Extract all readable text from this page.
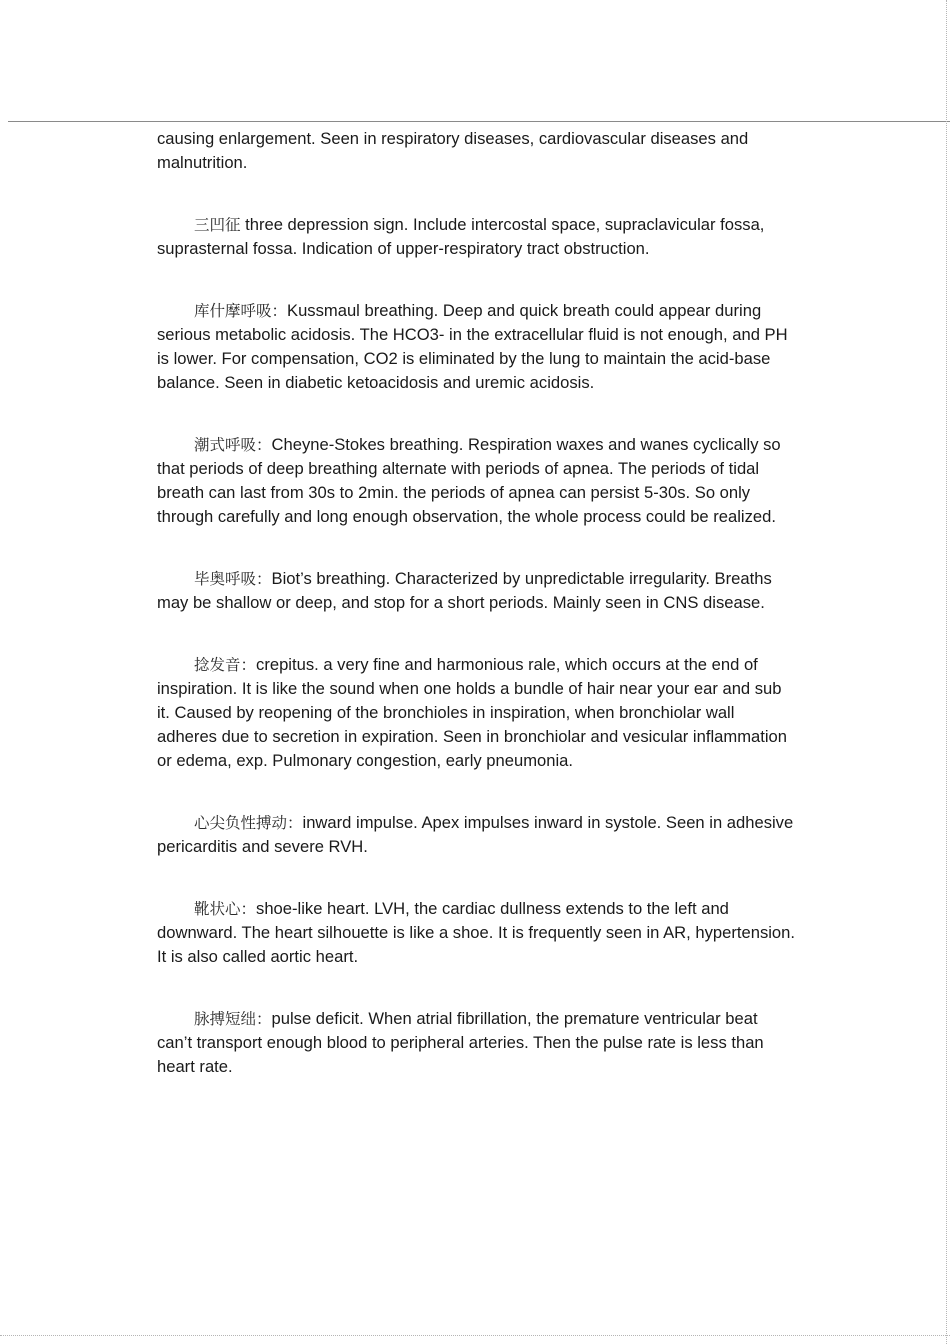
causing enlargement. Seen in respiratory diseases, cardiovascular diseases and malnutrition.

三凹征 three depression sign. Include intercostal space, supraclavicular fossa, suprasternal fossa. Indication of upper-respiratory tract obstruction.

库什摩呼吸：Kussmaul breathing. Deep and quick breath could appear during serious metabolic acidosis. The HCO3- in the extracellular fluid is not enough, and PH is lower. For compensation, CO2 is eliminated by the lung to maintain the acid-base balance. Seen in diabetic ketoacidosis and uremic acidosis.

潮式呼吸：Cheyne-Stokes breathing. Respiration waxes and wanes cyclically so that periods of deep breathing alternate with periods of apnea. The periods of tidal breath can last from 30s to 2min. the periods of apnea can persist 5-30s. So only through carefully and long enough observation, the whole process could be realized.

毕奥呼吸：Biot’s breathing. Characterized by unpredictable irregularity. Breaths may be shallow or deep, and stop for a short periods. Mainly seen in CNS disease.

捻发音：crepitus. a very fine and harmonious rale, which occurs at the end of inspiration. It is like the sound when one holds a bundle of hair near your ear and sub it. Caused by reopening of the bronchioles in inspiration, when bronchiolar wall adheres due to secretion in expiration. Seen in bronchiolar and vesicular inflammation or edema, exp. Pulmonary congestion, early pneumonia.

心尖负性搏动：inward impulse. Apex impulses inward in systole. Seen in adhesive pericarditis and severe RVH.

靴状心：shoe-like heart. LVH, the cardiac dullness extends to the left and downward. The heart silhouette is like a shoe. It is frequently seen in AR, hypertension. It is also called aortic heart.

脉搏短绌：pulse deficit. When atrial fibrillation, the premature ventricular beat can’t transport enough blood to peripheral arteries. Then the pulse rate is less than heart rate.
